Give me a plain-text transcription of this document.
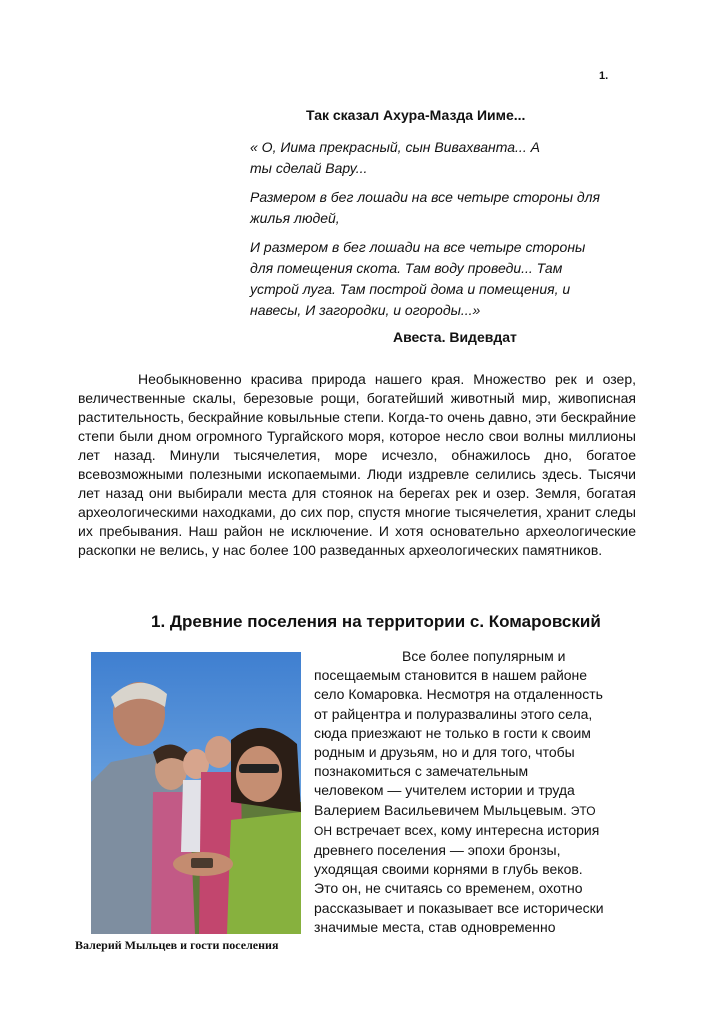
1.
Так сказал Ахура-Мазда Ииме...

« О, Иима прекрасный, сын Вивахванта... А
ты сделай Вару...

Размером в бег лошади на все четыре стороны для
жилья людей,

И размером в бег лошади на все четыре стороны
для помещения скота. Там воду проведи... Там
устрой луга. Там построй дома и помещения, и
навесы, И загородки, и огороды...»

Авеста. Видевдат

Необыкновенно красива природа нашего края. Множество рек и озер, величественные скалы, березовые рощи, богатейший животный мир, живописная растительность, бескрайние ковыльные степи. Когда-то очень давно, эти бескрайние степи были дном огромного Тургайского моря, которое несло свои волны миллионы лет назад. Минули тысячелетия, море исчезло, обнажилось дно, богатое всевозможными полезными ископаемыми. Люди издревле селились здесь. Тысячи лет назад они выбирали места для стоянок на берегах рек и озер. Земля, богатая археологическими находками, до сих пор, спустя многие тысячелетия, хранит следы их пребывания. Наш район не исключение. И хотя основательно археологические раскопки не велись, у нас более 100 разведанных археологических памятников.

1. Древние поселения на территории с. Комаровский
Валерий Мыльцев и гости поселения
Все более популярным и
посещаемым становится в нашем районе
село Комаровка. Несмотря на отдаленность
от райцентра и полуразвалины этого села,
сюда приезжают не только в гости к своим
родным и друзьям, но и для того, чтобы
познакомиться с замечательным
человеком — учителем истории и труда
Валерием Васильевичем Мыльцевым. ЭТО
ОН встречает всех, кому интересна история
древнего поселения — эпохи бронзы,
уходящая своими корнями в глубь веков.
Это он, не считаясь со временем, охотно
рассказывает и показывает все исторически
значимые места, став одновременно
